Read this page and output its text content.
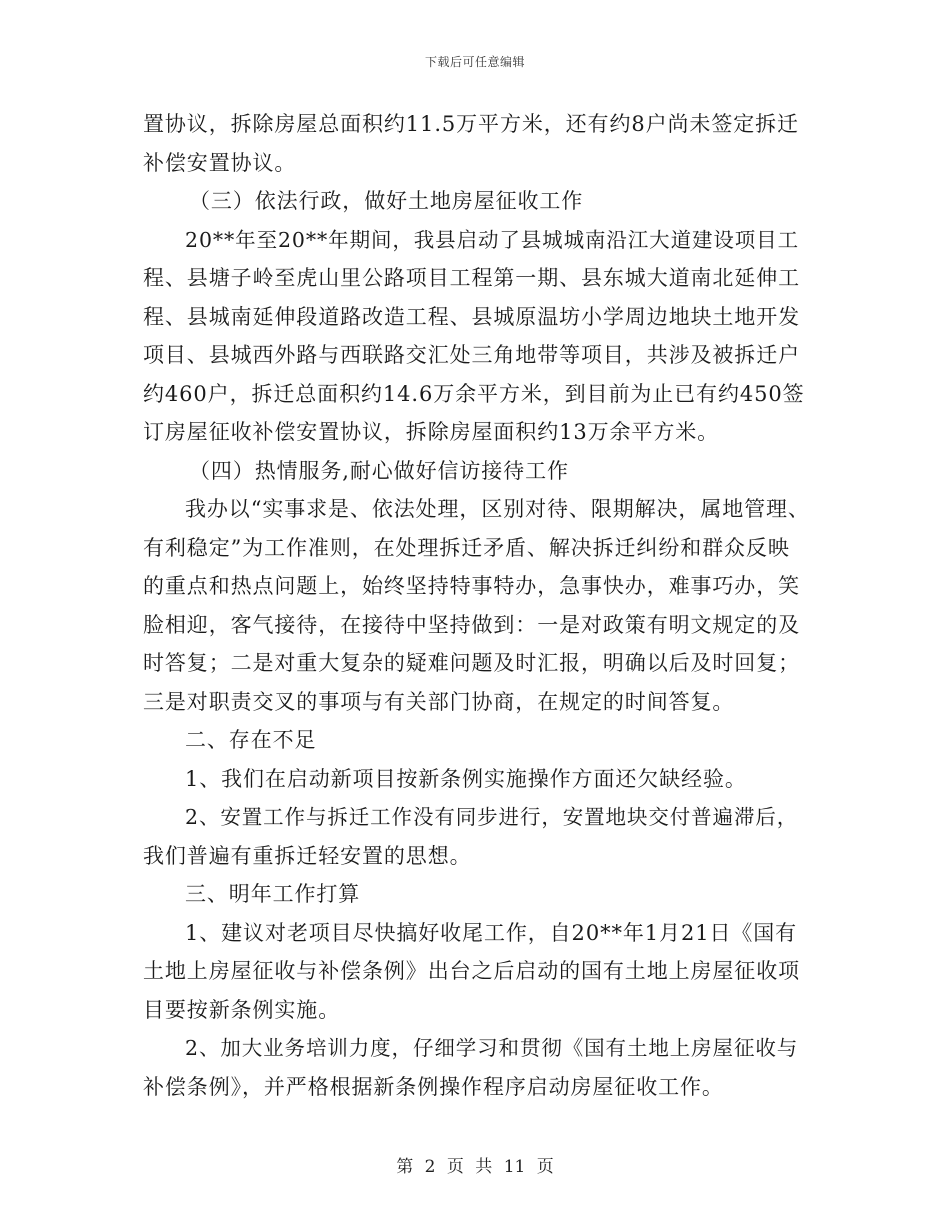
下载后可任意编辑
置协议，拆除房屋总面积约11.5万平方米，还有约8户尚未签定拆迁
补偿安置协议。
（三）依法行政，做好土地房屋征收工作
20**年至20**年期间，我县启动了县城城南沿江大道建设项目工
程、县塘子岭至虎山里公路项目工程第一期、县东城大道南北延伸工
程、县城南延伸段道路改造工程、县城原温坊小学周边地块土地开发
项目、县城西外路与西联路交汇处三角地带等项目，共涉及被拆迁户
约460户，拆迁总面积约14.6万余平方米，到目前为止已有约450签
订房屋征收补偿安置协议，拆除房屋面积约13万余平方米。
（四）热情服务,耐心做好信访接待工作
我办以“实事求是、依法处理，区别对待、限期解决，属地管理、
有利稳定”为工作准则，在处理拆迁矛盾、解决拆迁纠纷和群众反映
的重点和热点问题上，始终坚持特事特办，急事快办，难事巧办，笑
脸相迎，客气接待，在接待中坚持做到：一是对政策有明文规定的及
时答复；二是对重大复杂的疑难问题及时汇报，明确以后及时回复；
三是对职责交叉的事项与有关部门协商，在规定的时间答复。
二、存在不足
1、我们在启动新项目按新条例实施操作方面还欠缺经验。
2、安置工作与拆迁工作没有同步进行，安置地块交付普遍滞后，
我们普遍有重拆迁轻安置的思想。
三、明年工作打算
1、建议对老项目尽快搞好收尾工作，自20**年1月21日《国有
土地上房屋征收与补偿条例》出台之后启动的国有土地上房屋征收项
目要按新条例实施。
2、加大业务培训力度，仔细学习和贯彻《国有土地上房屋征收与
补偿条例》，并严格根据新条例操作程序启动房屋征收工作。
第 2 页 共 11 页
